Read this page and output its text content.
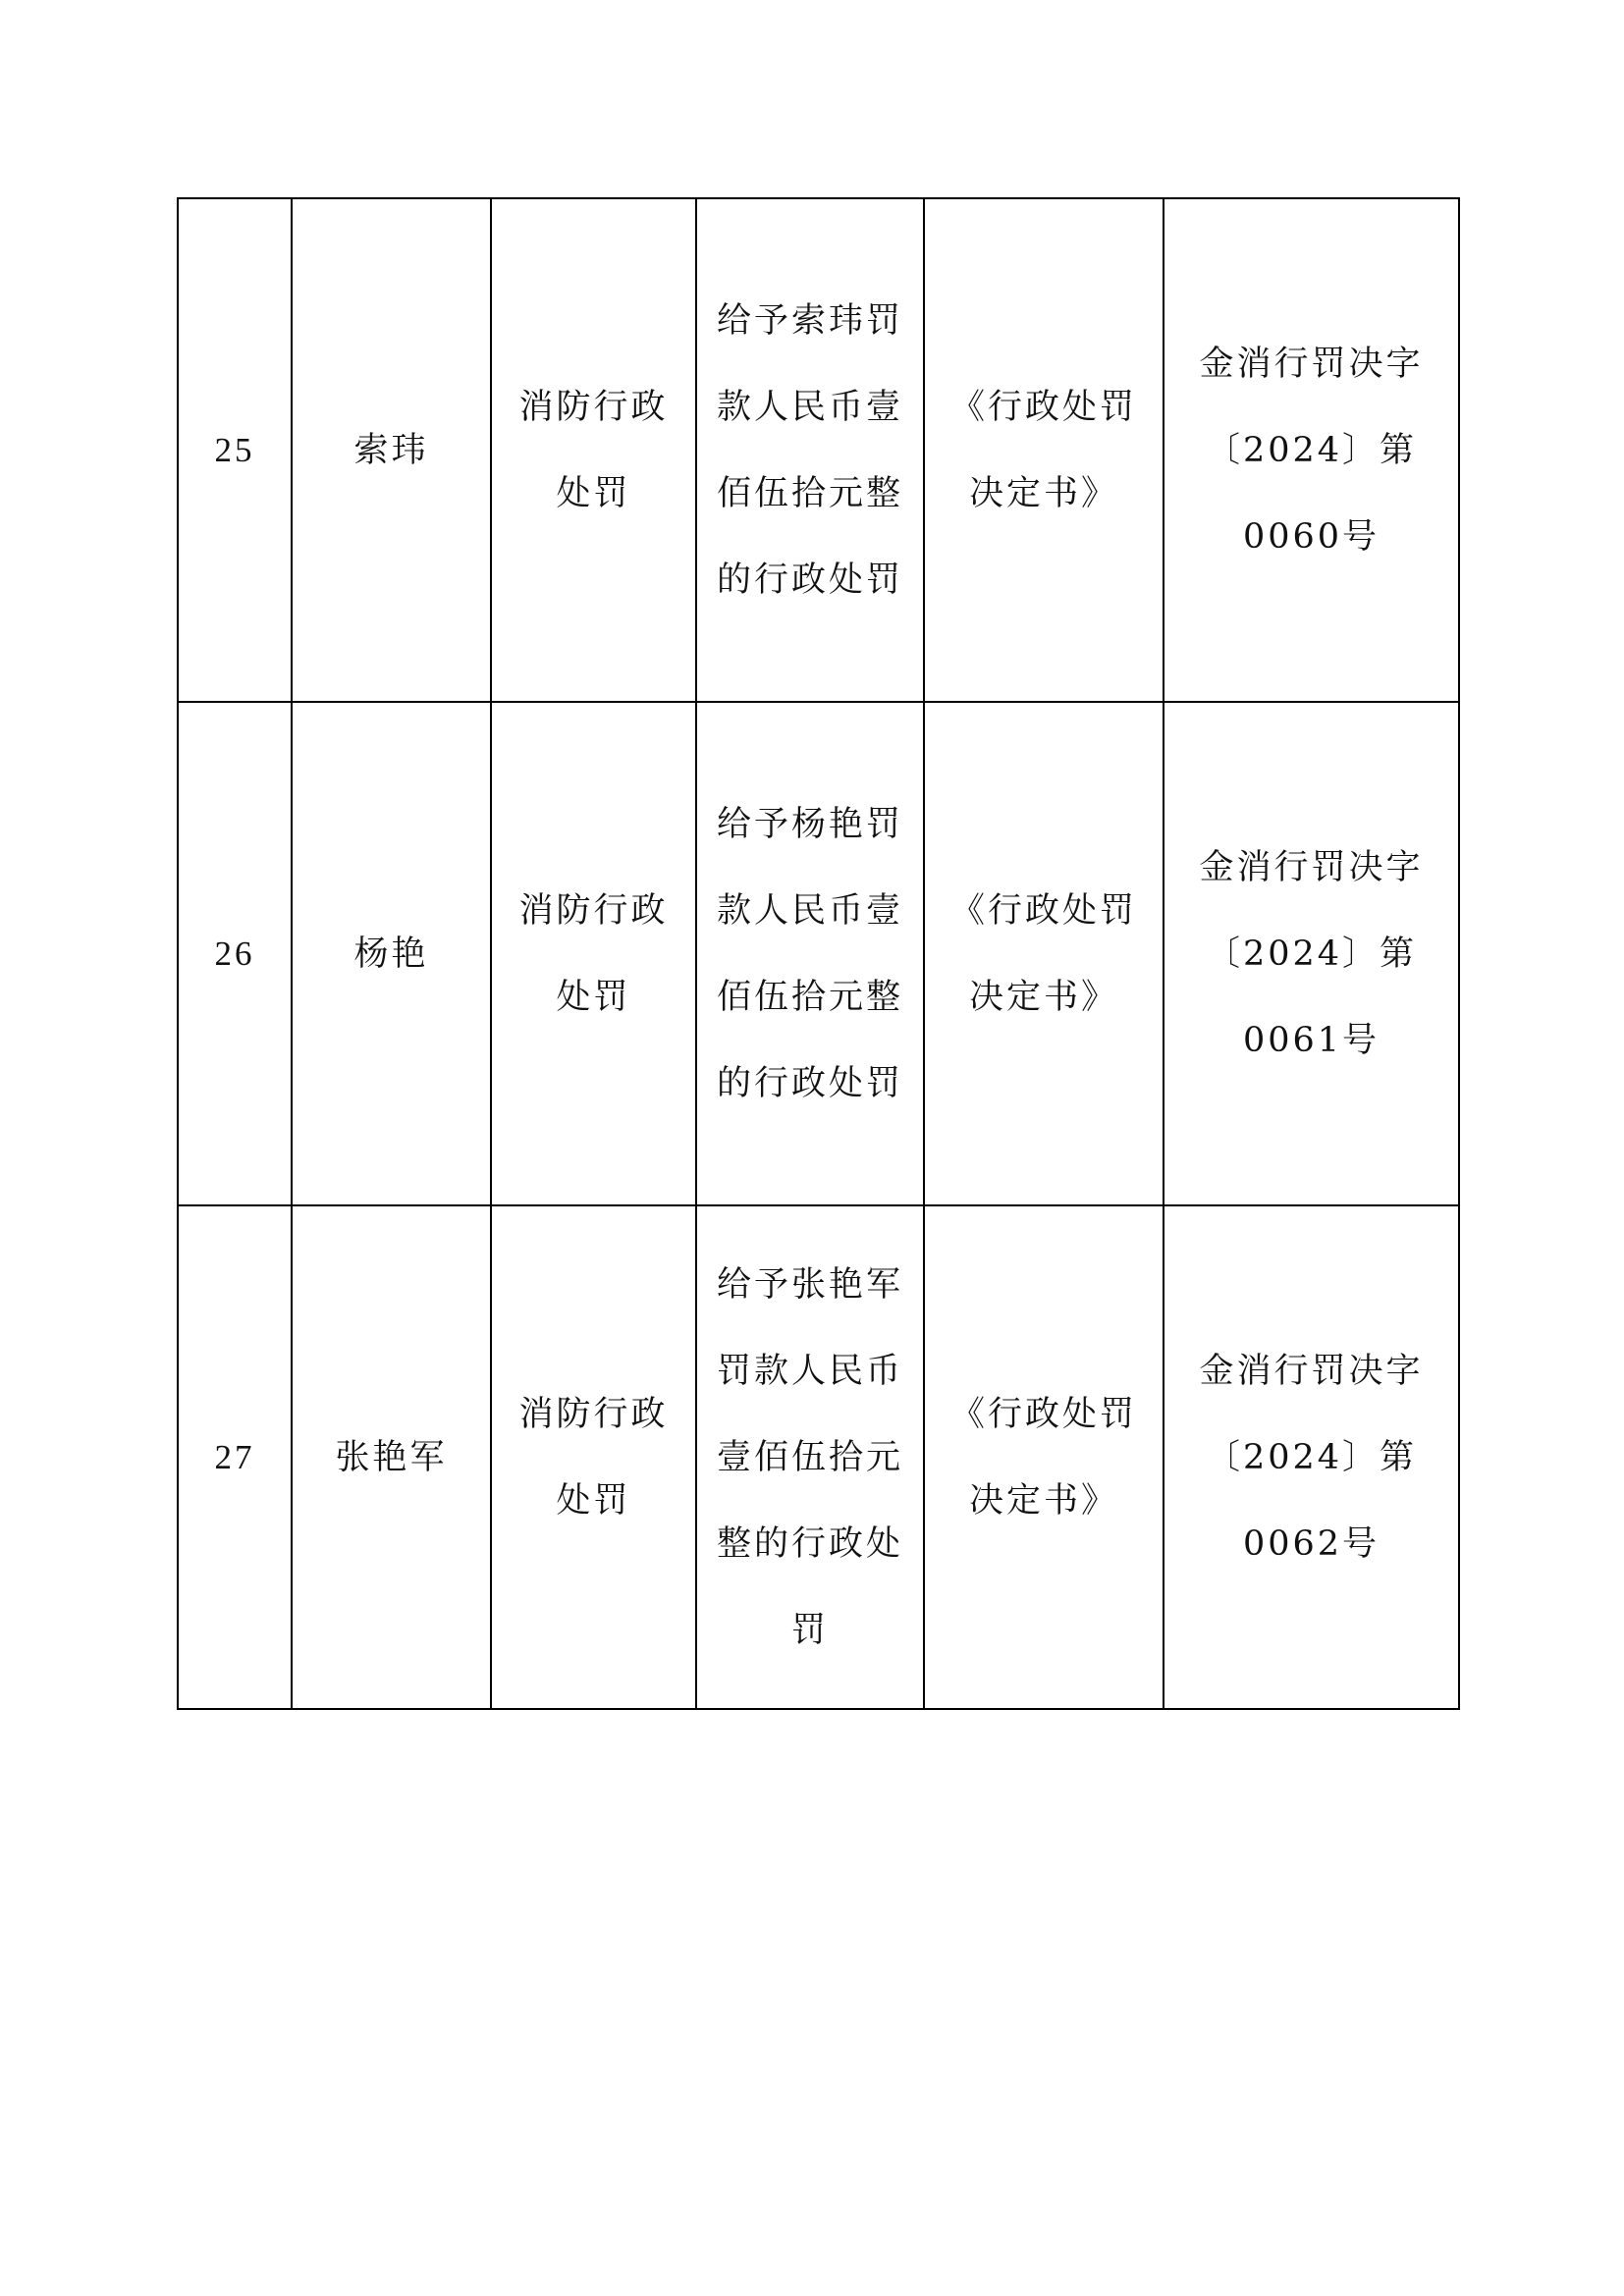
25	索玮	消防行政处罚	给予索玮罚款人民币壹佰伍拾元整的行政处罚	《行政处罚决定书》	金消行罚决字〔2024〕第0060号
26	杨艳	消防行政处罚	给予杨艳罚款人民币壹佰伍拾元整的行政处罚	《行政处罚决定书》	金消行罚决字〔2024〕第0061号
27	张艳军	消防行政处罚	给予张艳军罚款人民币壹佰伍拾元整的行政处罚	《行政处罚决定书》	金消行罚决字〔2024〕第0062号
